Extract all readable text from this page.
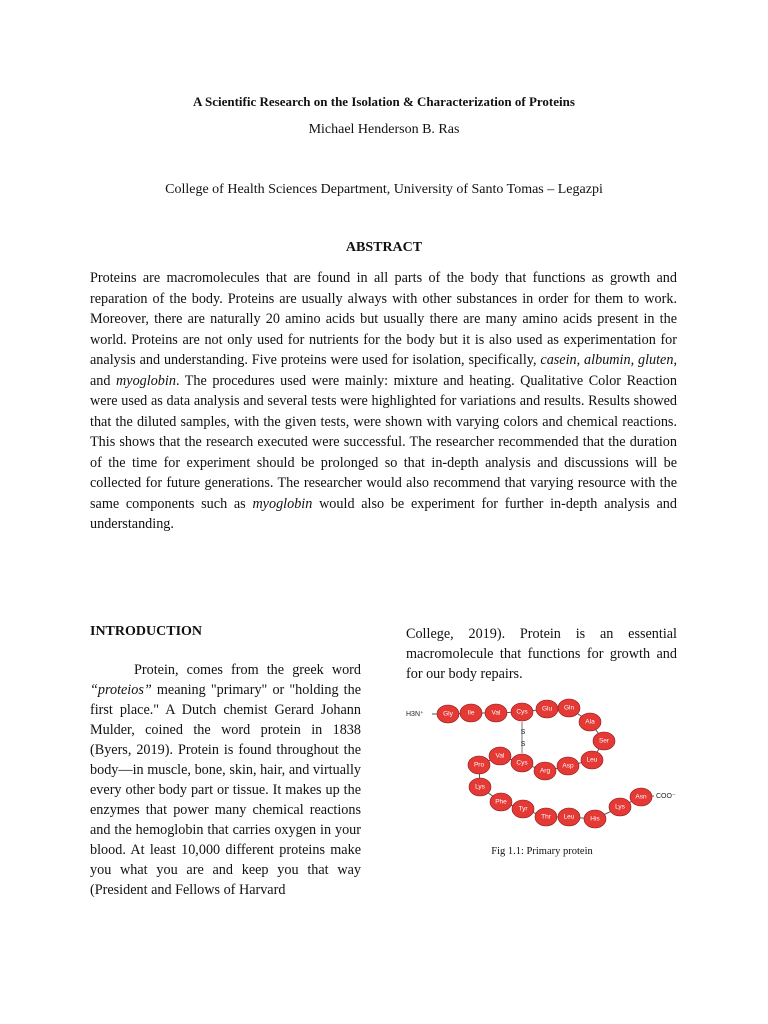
A Scientific Research on the Isolation & Characterization of Proteins
Michael Henderson B. Ras
College of Health Sciences Department, University of Santo Tomas – Legazpi
ABSTRACT

Proteins are macromolecules that are found in all parts of the body that functions as growth and reparation of the body. Proteins are usually always with other substances in order for them to work. Moreover, there are naturally 20 amino acids but usually there are many amino acids present in the world. Proteins are not only used for nutrients for the body but it is also used as experimentation for analysis and understanding. Five proteins were used for isolation, specifically, casein, albumin, gluten, and myoglobin. The procedures used were mainly: mixture and heating. Qualitative Color Reaction were used as data analysis and several tests were highlighted for variations and results. Results showed that the diluted samples, with the given tests, were shown with varying colors and chemical reactions. This shows that the research executed were successful. The researcher recommended that the duration of the time for experiment should be prolonged so that in-depth analysis and discussions will be collected for future generations. The researcher would also recommend that varying resource with the same components such as myoglobin would also be experiment for further in-depth analysis and understanding.

INTRODUCTION

Protein, comes from the greek word “proteios” meaning "primary" or "holding the first place." A Dutch chemist Gerard Johann Mulder, coined the word protein in 1838 (Byers, 2019). Protein is found throughout the body—in muscle, bone, skin, hair, and virtually every other body part or tissue. It makes up the enzymes that power many chemical reactions and the hemoglobin that carries oxygen in your blood. At least 10,000 different proteins make you what you are and keep you that way (President and Fellows of Harvard

College, 2019). Protein is an essential macromolecule that functions for growth and for our body repairs.

S
S
H3N⁺
COO⁻
Gly Ile	Val Cys Glu Gln
Ala
Ser
Leu
Asp
Arg
Cys
Val
Pro
Lys
Phe
Tyr
Thr Leu His
Lys
Asn
Fig 1.1: Primary protein
